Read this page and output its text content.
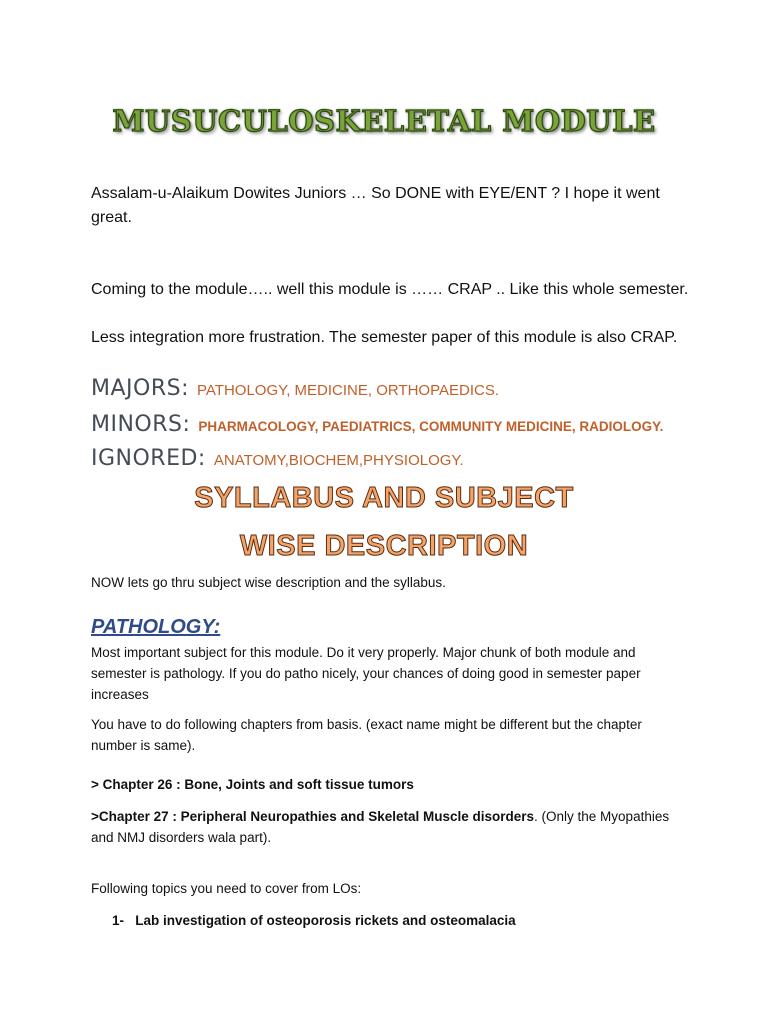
MUSUCULOSKELETAL MODULE
Assalam-u-Alaikum Dowites Juniors … So DONE with EYE/ENT ? I hope it went great.
Coming to the module….. well this module is …… CRAP .. Like this whole semester.
Less integration more frustration. The semester paper of this module is also CRAP.
MAJORS: PATHOLOGY, MEDICINE, ORTHOPAEDICS.
MINORS: PHARMACOLOGY, PAEDIATRICS, COMMUNITY MEDICINE, RADIOLOGY.
IGNORED: ANATOMY,BIOCHEM,PHYSIOLOGY.
SYLLABUS AND SUBJECT
WISE DESCRIPTION
NOW lets go thru subject wise description and the syllabus.
PATHOLOGY:
Most important subject for this module. Do it very properly. Major chunk of both module and semester is pathology. If you do patho nicely, your chances of doing good in semester paper increases
You have to do following chapters from basis. (exact name might be different but the chapter number is same).
> Chapter 26 : Bone, Joints and soft tissue tumors
>Chapter 27 : Peripheral Neuropathies and Skeletal Muscle disorders. (Only the Myopathies and NMJ disorders wala part).
Following topics you need to cover from LOs:
1- Lab investigation of osteoporosis rickets and osteomalacia
